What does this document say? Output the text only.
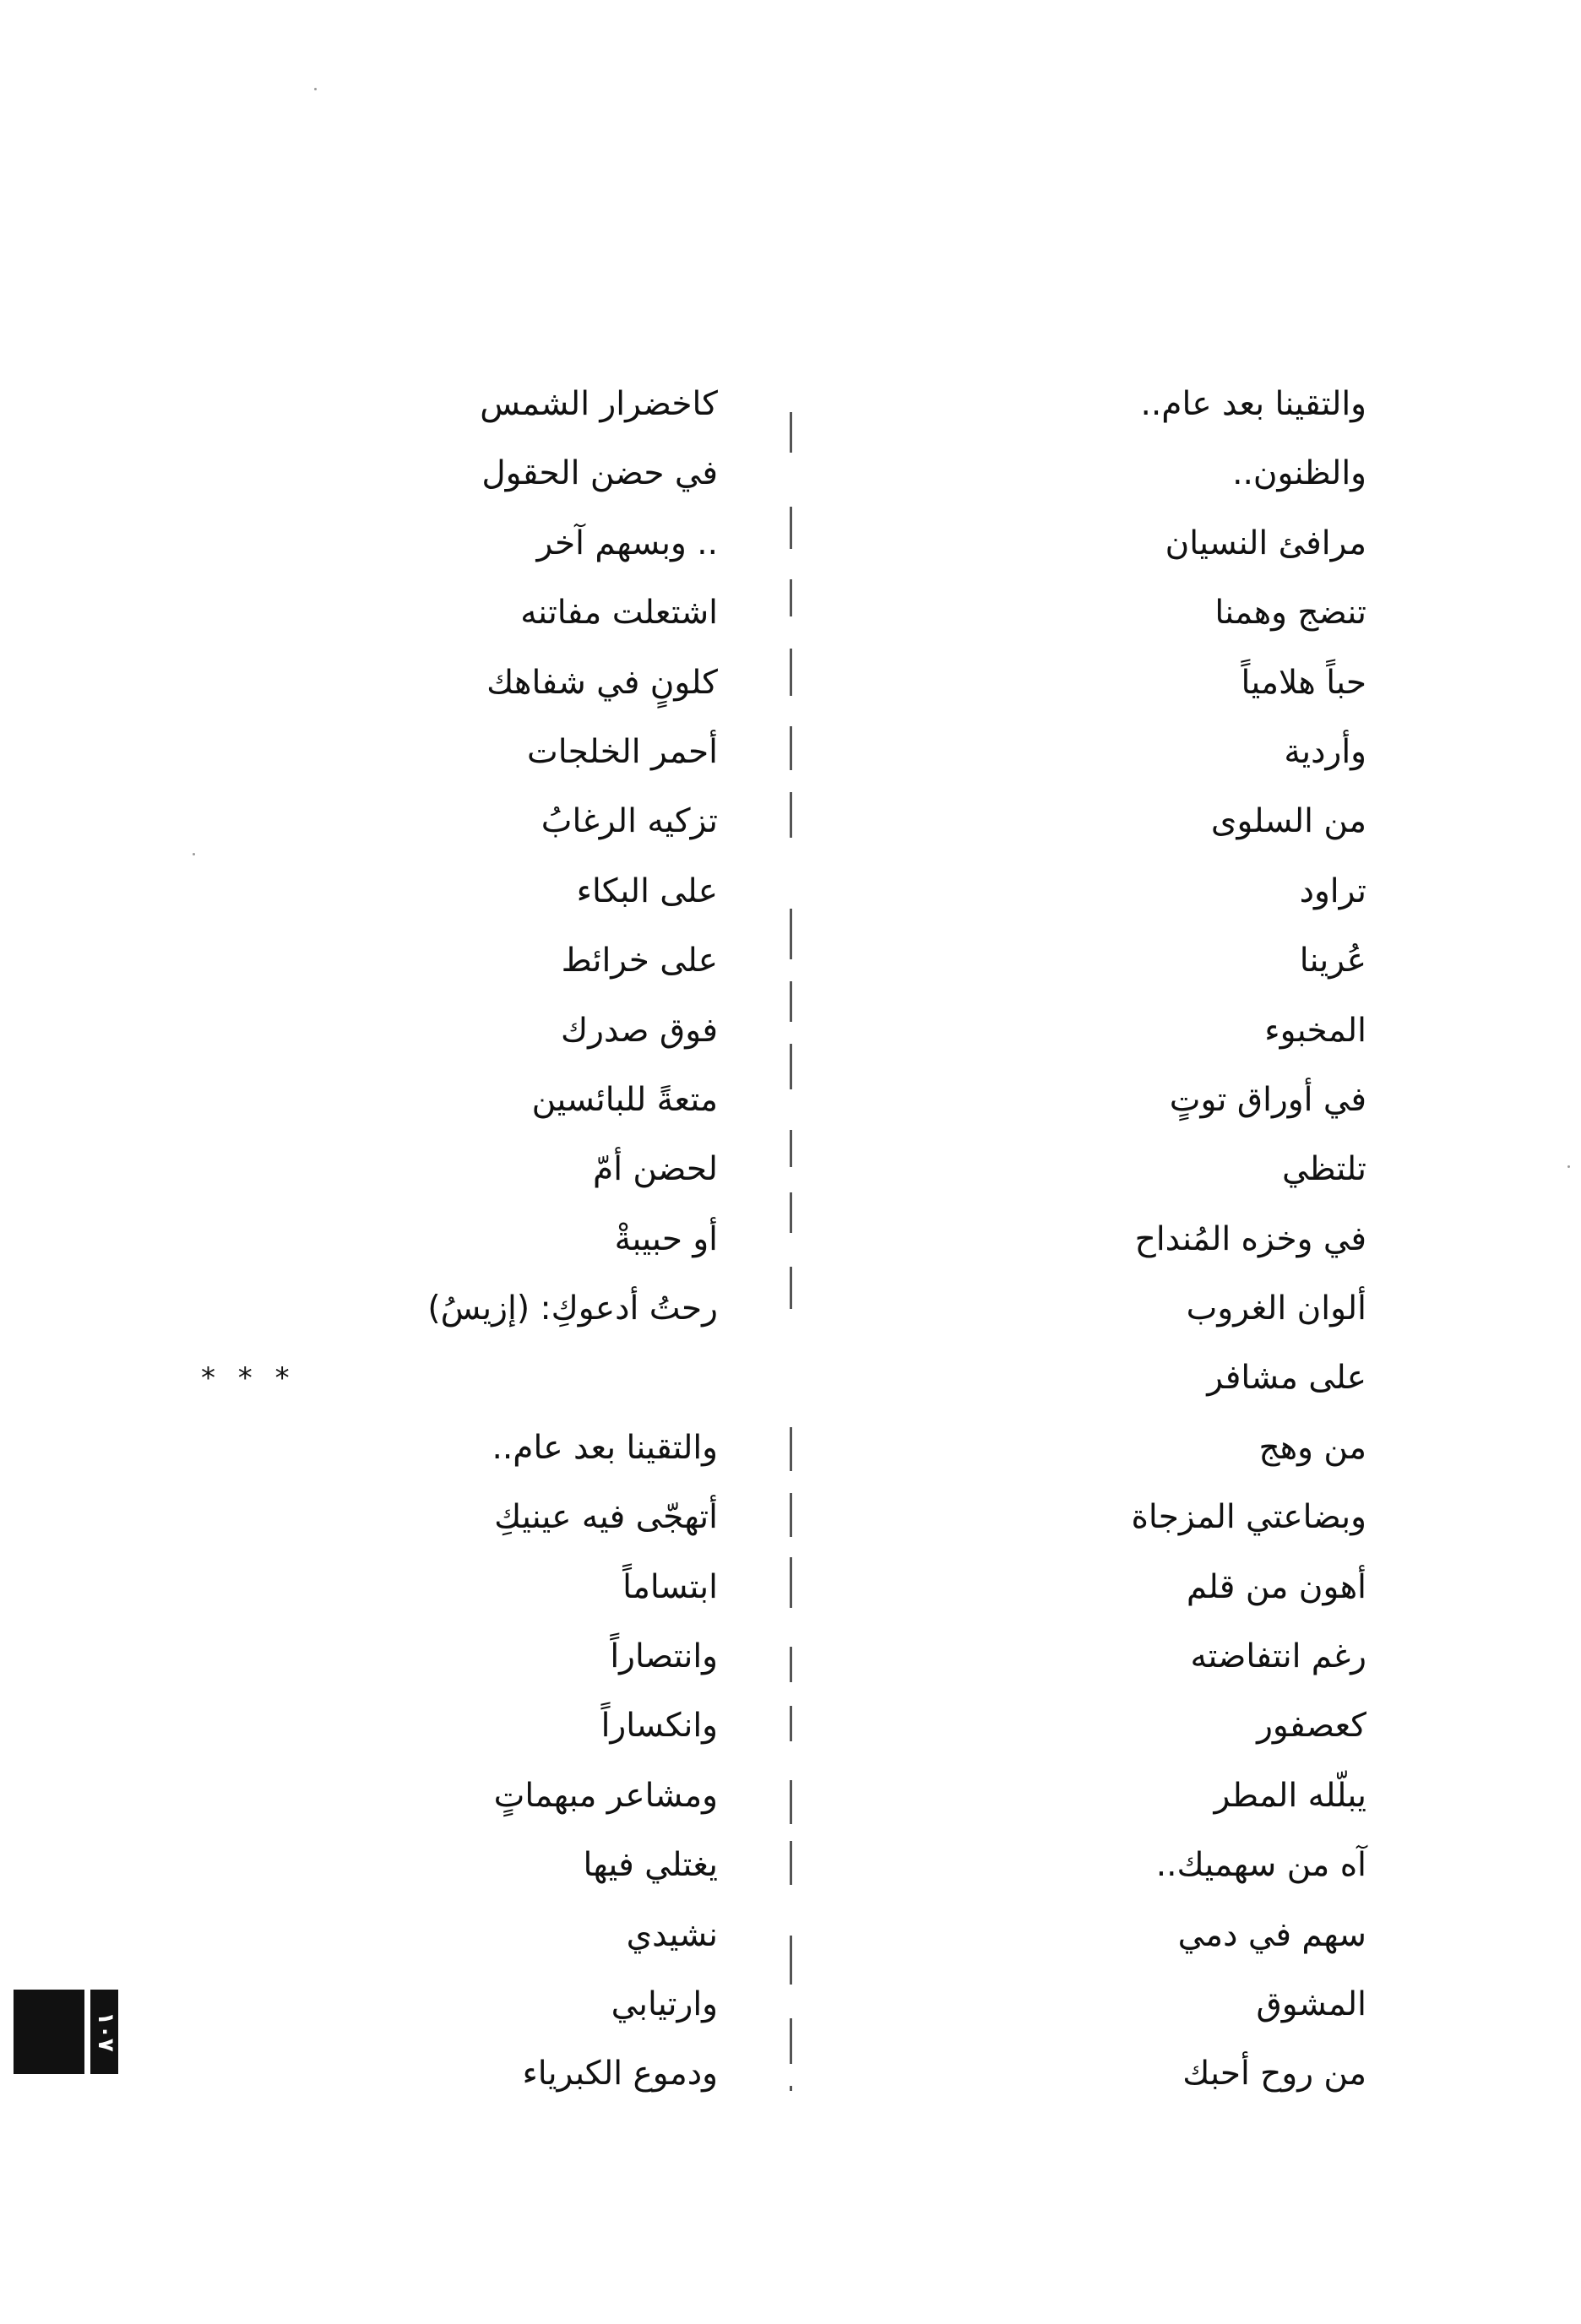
والتقينا بعد عام..
والظنون..
مرافئ النسيان
تنضج وهمنا
حباً هلامياً
وأردية
من السلوى
تراود
عُرينا
المخبوء
في أوراق توتٍ
تلتظي
في وخزه المُنداح
ألوان الغروب
على مشافر
من وهج
وبضاعتي المزجاة
أهون من قلم
رغم انتفاضته
كعصفور
يبلّله المطر
آه من سهميك..
سهم في دمي
المشوق
من روح أحبك
كاخضرار الشمس
في حضن الحقول
.. وبسهم آخر
اشتعلت مفاتنه
كلونٍ في شفاهك
أحمر الخلجات
تزكيه الرغابُ
على البكاء
على خرائط
فوق صدرك
متعةً للبائسين
لحضن أمّ
أو حبيبةْ
رحتُ أدعوكِ: (إزيسُ)
* * *
والتقينا بعد عام..
أتهجّى فيه عينيكِ
ابتساماً
وانتصاراً
وانكساراً
ومشاعر مبهماتٍ
يغتلي فيها
نشيدي
وارتيابي
ودموع الكبرياء
١٠٧
